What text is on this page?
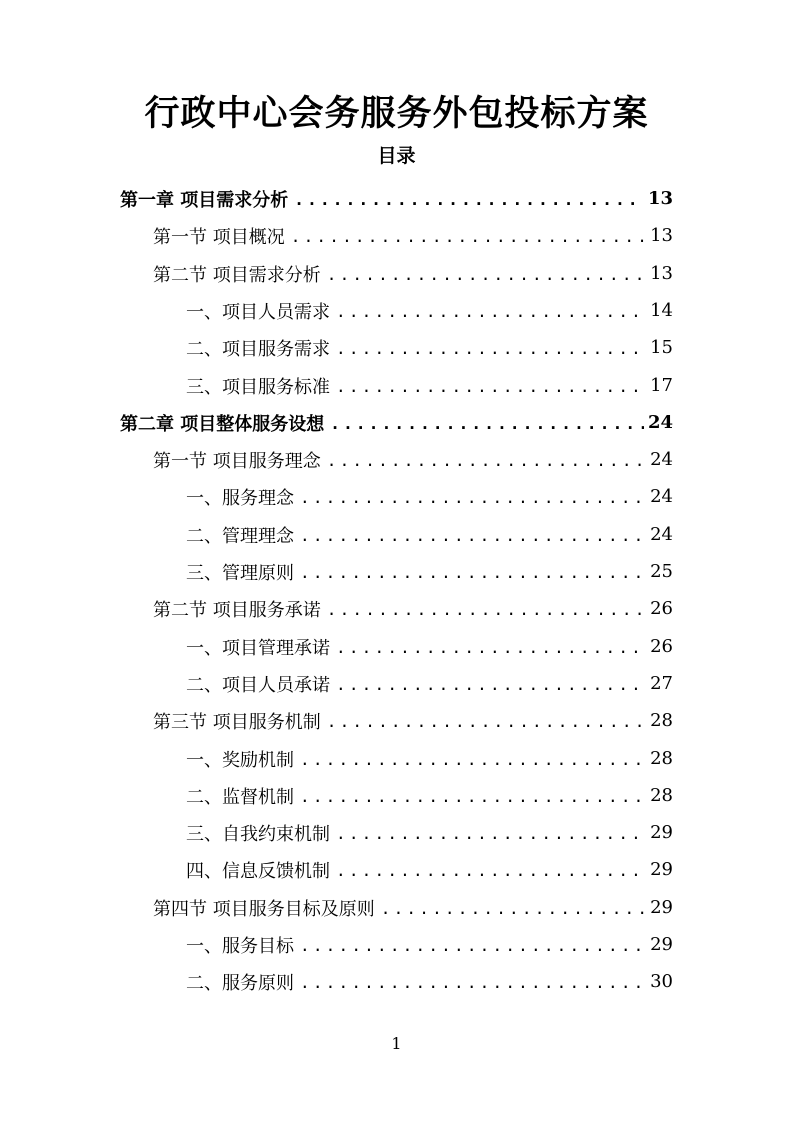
行政中心会务服务外包投标方案
目录
第一章 项目需求分析 .....	13
第一节 项目概况 .....	13
第二节 项目需求分析 .....	13
一、项目人员需求 .....	14
二、项目服务需求 .....	15
三、项目服务标准 .....	17
第二章 项目整体服务设想 .....	24
第一节 项目服务理念 .....	24
一、服务理念 .....	24
二、管理理念 .....	24
三、管理原则 .....	25
第二节 项目服务承诺 .....	26
一、项目管理承诺 .....	26
二、项目人员承诺 .....	27
第三节 项目服务机制 .....	28
一、奖励机制 .....	28
二、监督机制 .....	28
三、自我约束机制 .....	29
四、信息反馈机制 .....	29
第四节 项目服务目标及原则 .....	29
一、服务目标 .....	29
二、服务原则 .....	30
1
